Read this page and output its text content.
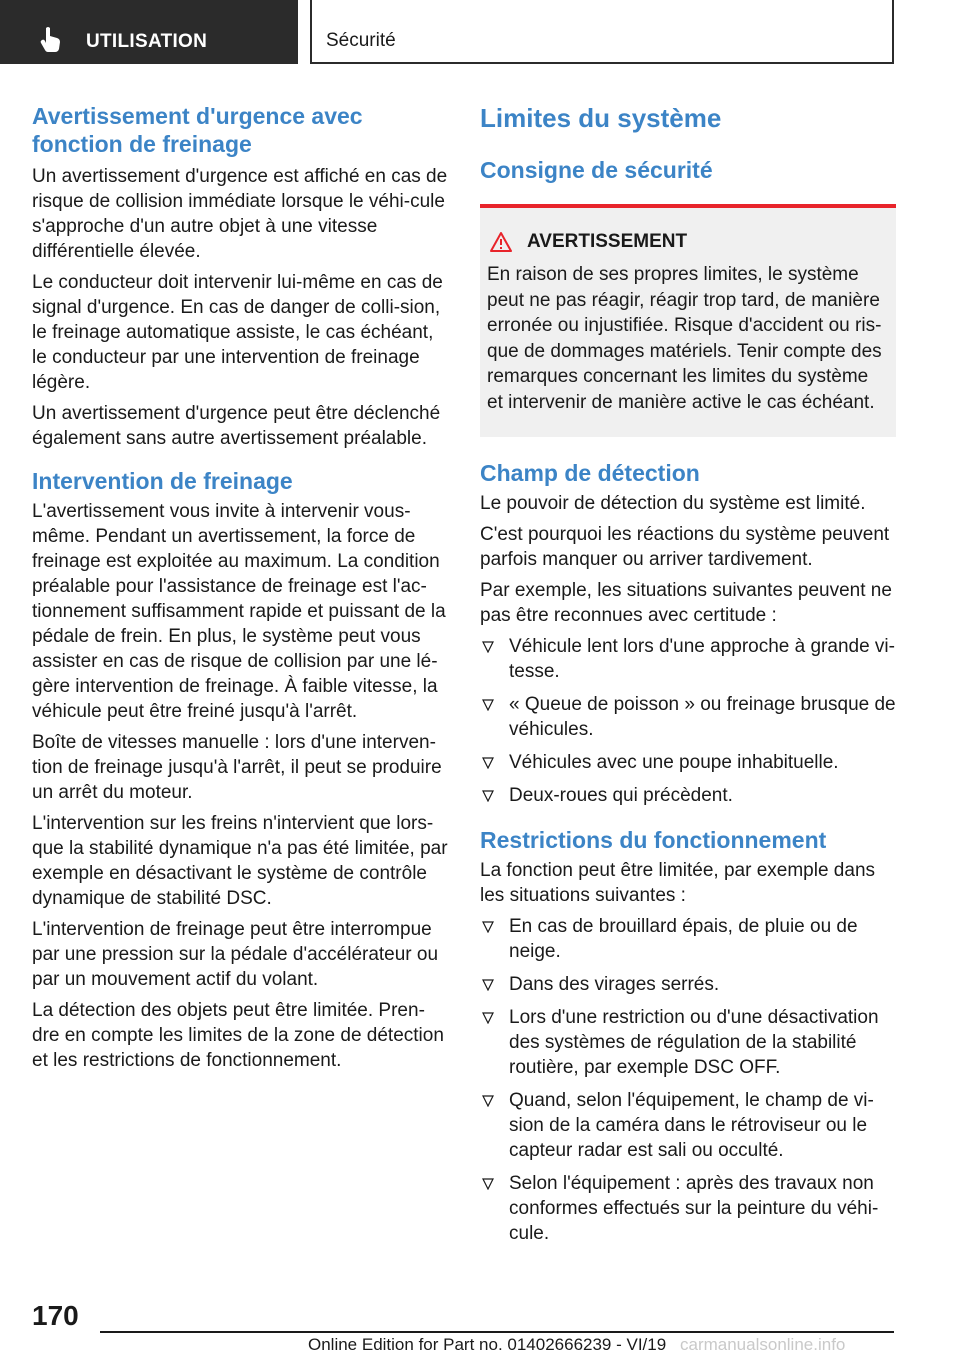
UTILISATION	Sécurité
Avertissement d'urgence avec fonction de freinage

Un avertissement d'urgence est affiché en cas de risque de collision immédiate lorsque le véhi‐cule s'approche d'un autre objet à une vitesse différentielle élevée.

Le conducteur doit intervenir lui-même en cas de signal d'urgence. En cas de danger de colli‐sion, le freinage automatique assiste, le cas échéant, le conducteur par une intervention de freinage légère.

Un avertissement d'urgence peut être déclenché également sans autre avertissement préalable.

Intervention de freinage

L'avertissement vous invite à intervenir vous-même. Pendant un avertissement, la force de freinage est exploitée au maximum. La condition préalable pour l'assistance de freinage est l'ac‐tionnement suffisamment rapide et puissant de la pédale de frein. En plus, le système peut vous assister en cas de risque de collision par une lé‐gère intervention de freinage. À faible vitesse, la véhicule peut être freiné jusqu'à l'arrêt.

Boîte de vitesses manuelle : lors d'une interven‐tion de freinage jusqu'à l'arrêt, il peut se produire un arrêt du moteur.

L'intervention sur les freins n'intervient que lors‐que la stabilité dynamique n'a pas été limitée, par exemple en désactivant le système de contrôle dynamique de stabilité DSC.

L'intervention de freinage peut être interrompue par une pression sur la pédale d'accélérateur ou par un mouvement actif du volant.

La détection des objets peut être limitée. Pren‐dre en compte les limites de la zone de détection et les restrictions de fonctionnement.

Limites du système
Consigne de sécurité
AVERTISSEMENT

En raison de ses propres limites, le système peut ne pas réagir, réagir trop tard, de manière erronée ou injustifiée. Risque d'accident ou ris‐que de dommages matériels. Tenir compte des remarques concernant les limites du système et intervenir de manière active le cas échéant.

Champ de détection

Le pouvoir de détection du système est limité.

C'est pourquoi les réactions du système peuvent parfois manquer ou arriver tardivement.

Par exemple, les situations suivantes peuvent ne pas être reconnues avec certitude :

Véhicule lent lors d'une approche à grande vi‐tesse.
« Queue de poisson » ou freinage brusque de véhicules.
Véhicules avec une poupe inhabituelle.
Deux-roues qui précèdent.
Restrictions du fonctionnement

La fonction peut être limitée, par exemple dans les situations suivantes :

En cas de brouillard épais, de pluie ou de neige.
Dans des virages serrés.
Lors d'une restriction ou d'une désactivation des systèmes de régulation de la stabilité routière, par exemple DSC OFF.
Quand, selon l'équipement, le champ de vi‐sion de la caméra dans le rétroviseur ou le capteur radar est sali ou occulté.
Selon l'équipement : après des travaux non conformes effectués sur la peinture du véhi‐cule.
170
Online Edition for Part no. 01402666239 - VI/19 carmanualsonline.info
